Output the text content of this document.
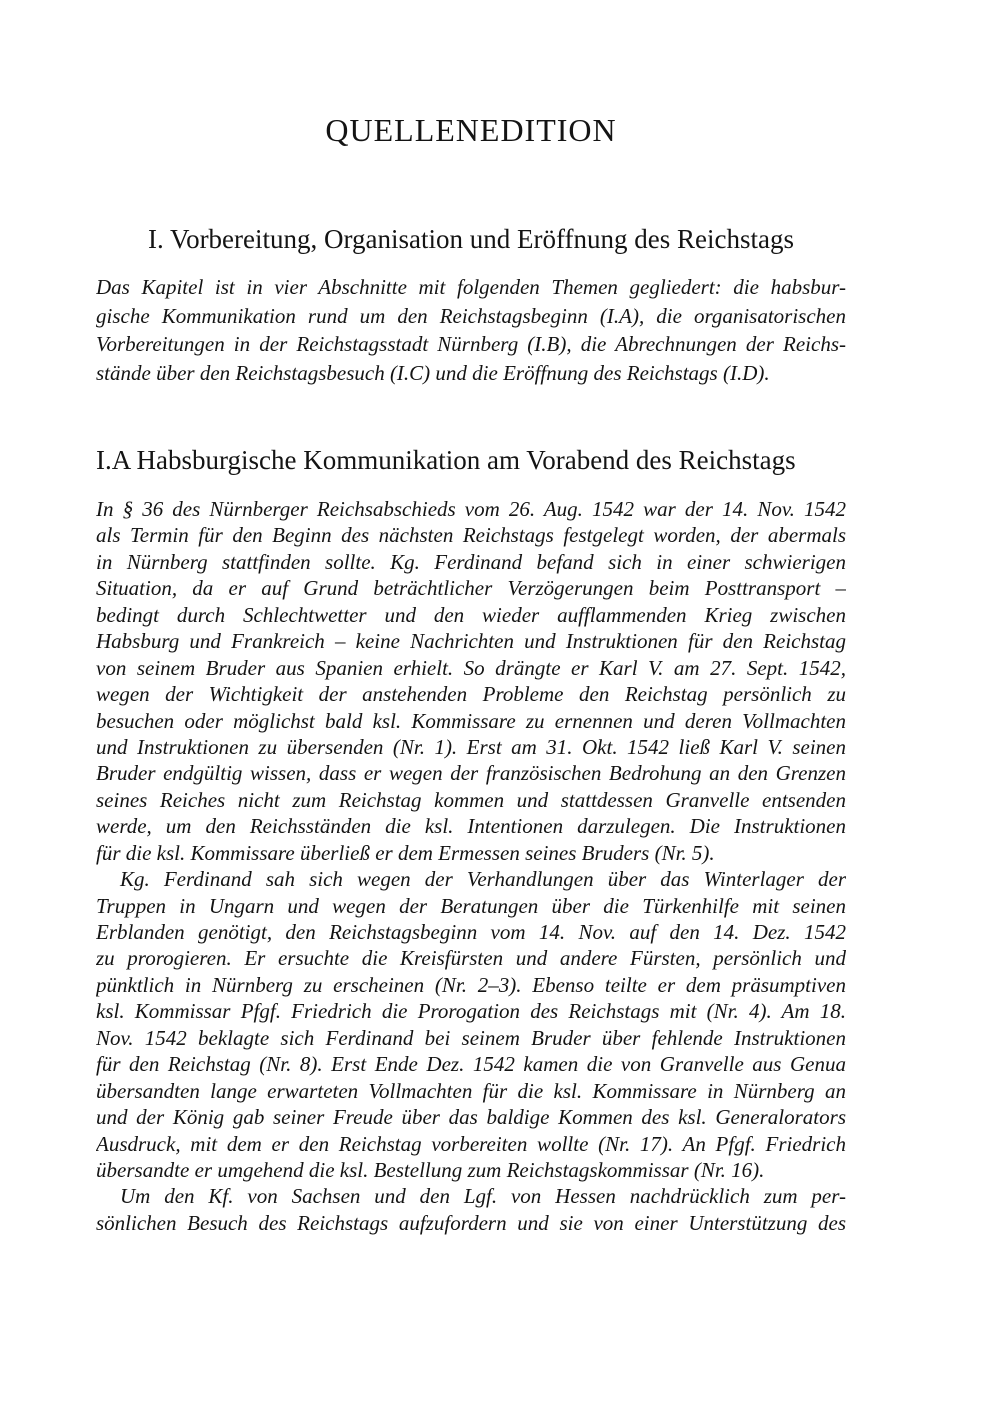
QUELLENEDITION
I. Vorbereitung, Organisation und Eröffnung des Reichstags
Das Kapitel ist in vier Abschnitte mit folgenden Themen gegliedert: die habsbur-
gische Kommunikation rund um den Reichstagsbeginn (I.A), die organisatorischen
Vorbereitungen in der Reichstagsstadt Nürnberg (I.B), die Abrechnungen der Reichs-
stände über den Reichstagsbesuch (I.C) und die Eröffnung des Reichstags (I.D).
I.A Habsburgische Kommunikation am Vorabend des Reichstags
In § 36 des Nürnberger Reichsabschieds vom 26. Aug. 1542 war der 14. Nov. 1542
als Termin für den Beginn des nächsten Reichstags festgelegt worden, der abermals
in Nürnberg stattfinden sollte. Kg. Ferdinand befand sich in einer schwierigen
Situation, da er auf Grund beträchtlicher Verzögerungen beim Posttransport –
bedingt durch Schlechtwetter und den wieder aufflammenden Krieg zwischen
Habsburg und Frankreich – keine Nachrichten und Instruktionen für den Reichstag
von seinem Bruder aus Spanien erhielt. So drängte er Karl V. am 27. Sept. 1542,
wegen der Wichtigkeit der anstehenden Probleme den Reichstag persönlich zu
besuchen oder möglichst bald ksl. Kommissare zu ernennen und deren Vollmachten
und Instruktionen zu übersenden (Nr. 1). Erst am 31. Okt. 1542 ließ Karl V. seinen
Bruder endgültig wissen, dass er wegen der französischen Bedrohung an den Grenzen
seines Reiches nicht zum Reichstag kommen und stattdessen Granvelle entsenden
werde, um den Reichsständen die ksl. Intentionen darzulegen. Die Instruktionen
für die ksl. Kommissare überließ er dem Ermessen seines Bruders (Nr. 5).
Kg. Ferdinand sah sich wegen der Verhandlungen über das Winterlager der
Truppen in Ungarn und wegen der Beratungen über die Türkenhilfe mit seinen
Erblanden genötigt, den Reichstagsbeginn vom 14. Nov. auf den 14. Dez. 1542
zu prorogieren. Er ersuchte die Kreisfürsten und andere Fürsten, persönlich und
pünktlich in Nürnberg zu erscheinen (Nr. 2–3). Ebenso teilte er dem präsumptiven
ksl. Kommissar Pfgf. Friedrich die Prorogation des Reichstags mit (Nr. 4). Am 18.
Nov. 1542 beklagte sich Ferdinand bei seinem Bruder über fehlende Instruktionen
für den Reichstag (Nr. 8). Erst Ende Dez. 1542 kamen die von Granvelle aus Genua
übersandten lange erwarteten Vollmachten für die ksl. Kommissare in Nürnberg an
und der König gab seiner Freude über das baldige Kommen des ksl. Generalorators
Ausdruck, mit dem er den Reichstag vorbereiten wollte (Nr. 17). An Pfgf. Friedrich
übersandte er umgehend die ksl. Bestellung zum Reichstagskommissar (Nr. 16).
Um den Kf. von Sachsen und den Lgf. von Hessen nachdrücklich zum per-
sönlichen Besuch des Reichstags aufzufordern und sie von einer Unterstützung des
